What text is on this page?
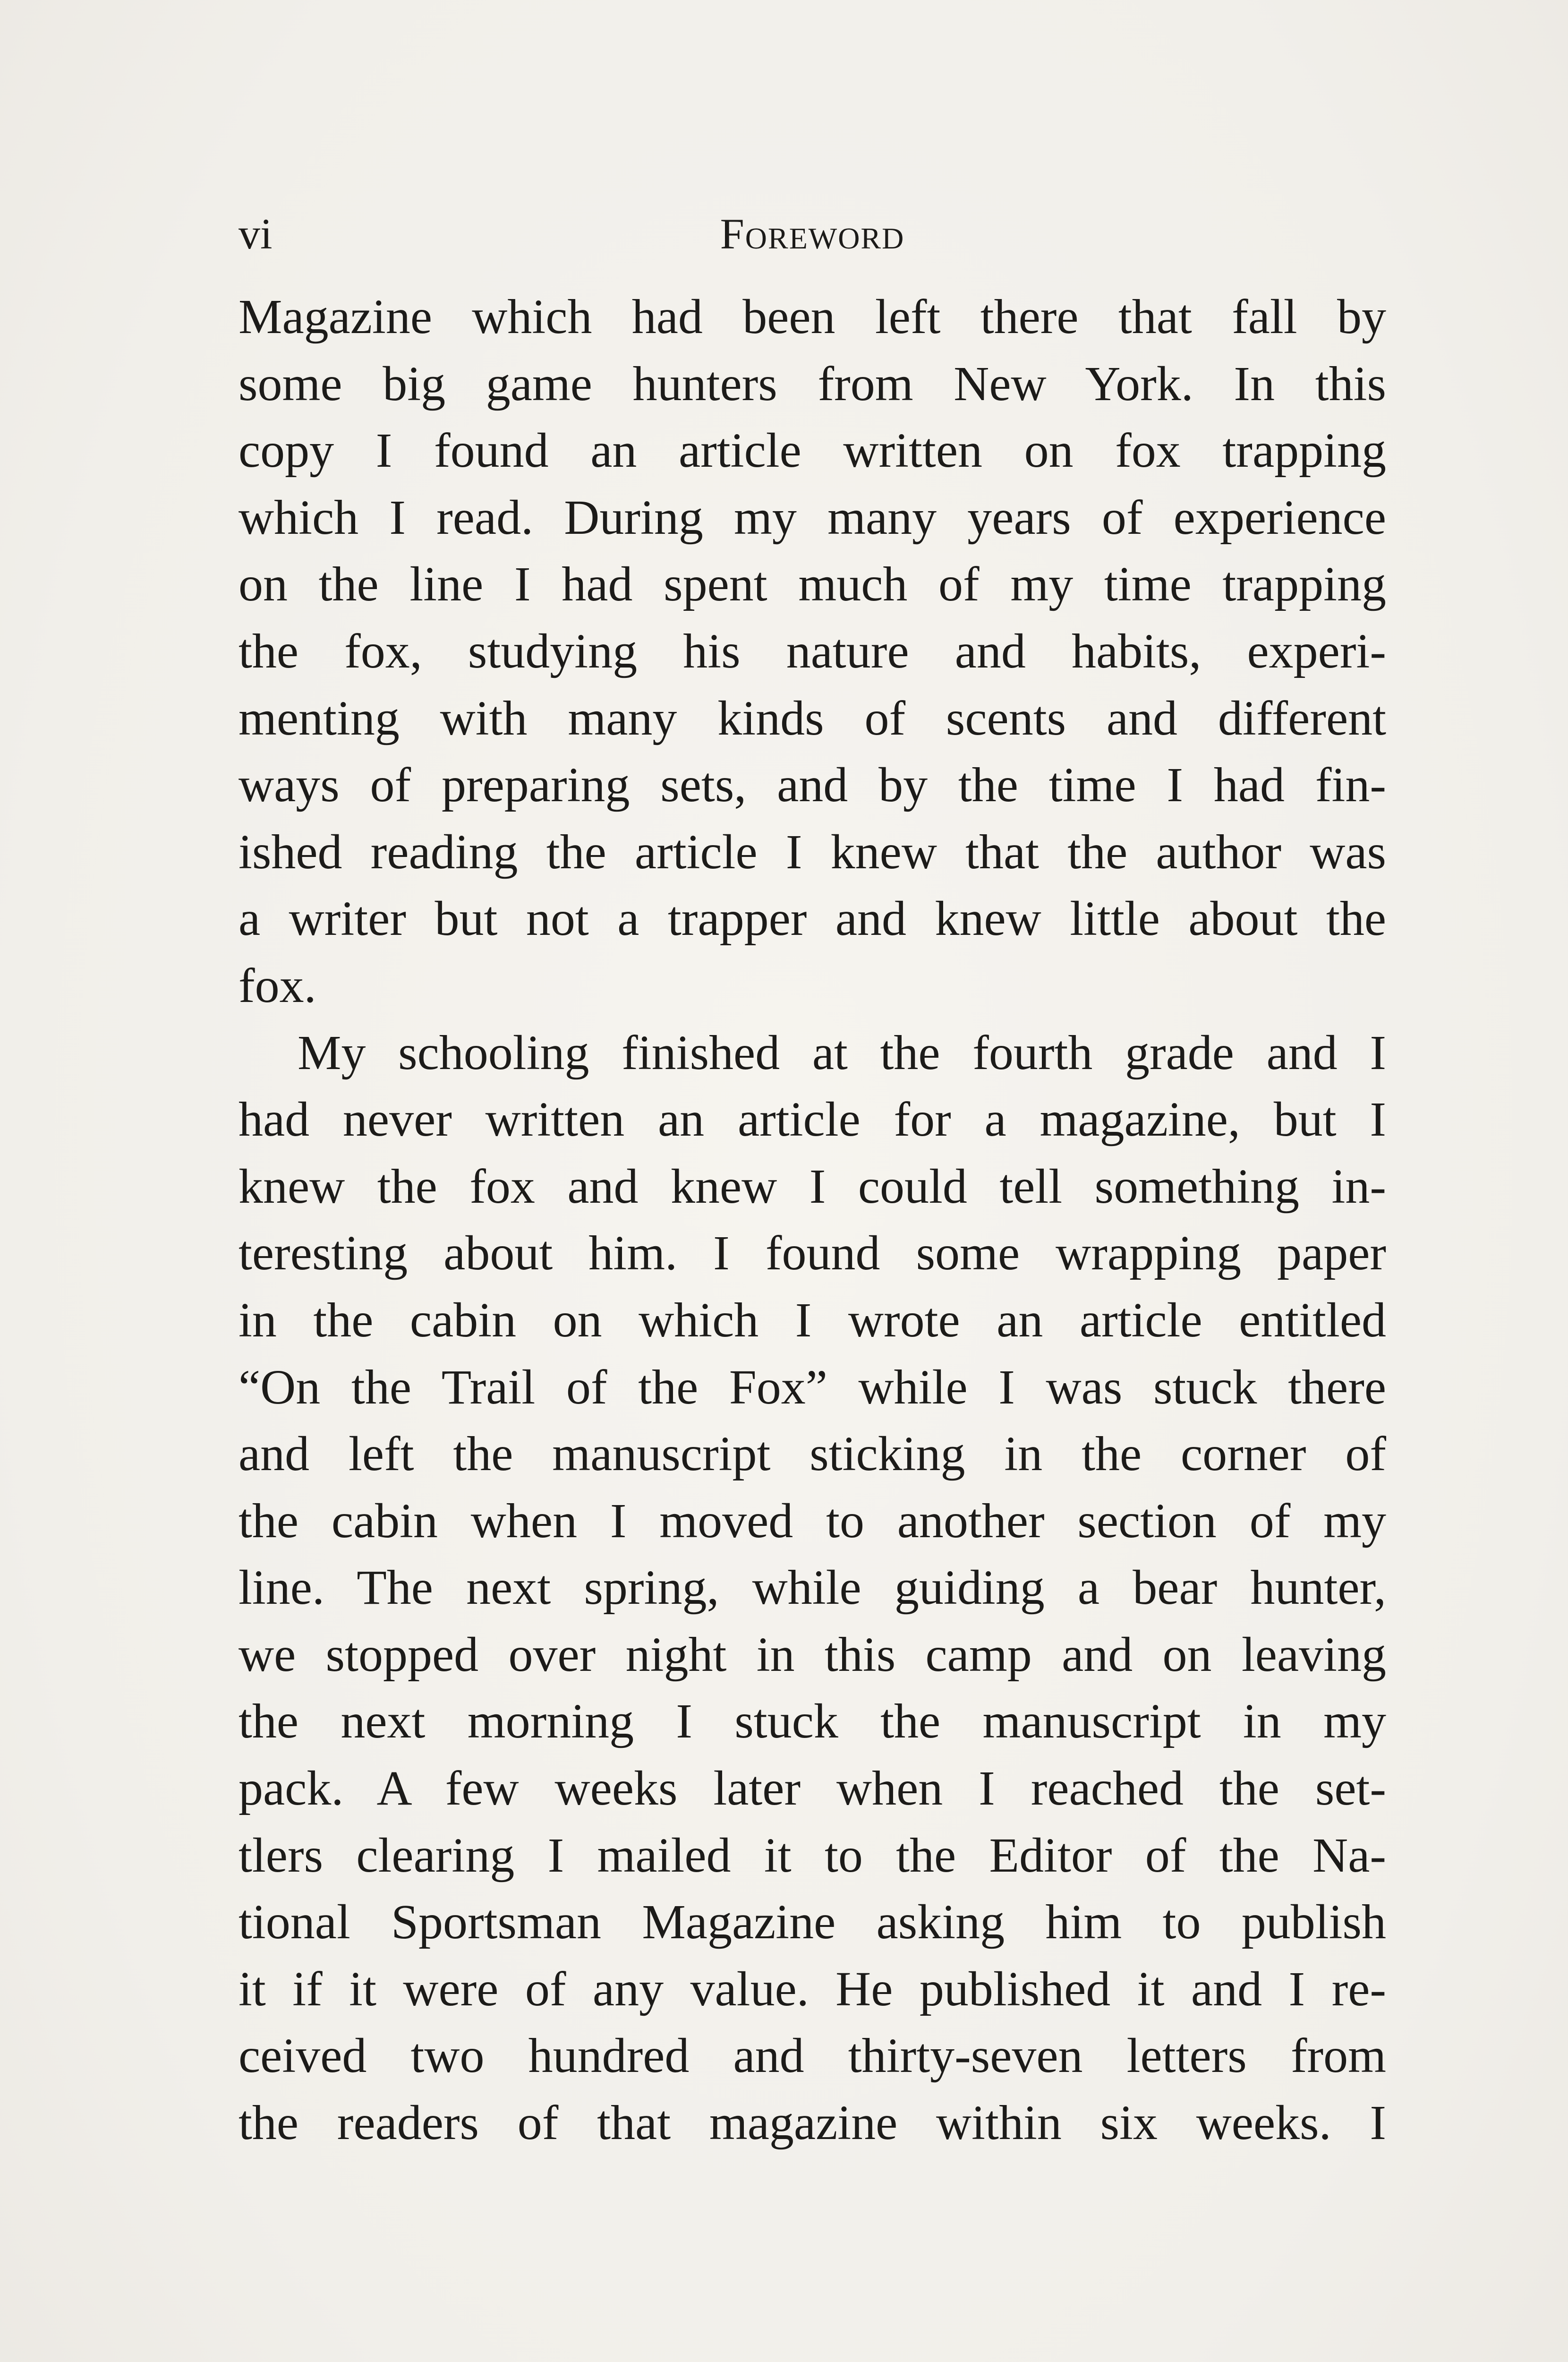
vi	Foreword
Magazine which had been left there that fall by
some big game hunters from New York. In this
copy I found an article written on fox trapping
which I read. During my many years of experience
on the line I had spent much of my time trapping
the fox, studying his nature and habits, experi-
menting with many kinds of scents and different
ways of preparing sets, and by the time I had fin-
ished reading the article I knew that the author was
a writer but not a trapper and knew little about the
fox.
My schooling finished at the fourth grade and I
had never written an article for a magazine, but I
knew the fox and knew I could tell something in-
teresting about him. I found some wrapping paper
in the cabin on which I wrote an article entitled
“On the Trail of the Fox” while I was stuck there
and left the manuscript sticking in the corner of
the cabin when I moved to another section of my
line. The next spring, while guiding a bear hunter,
we stopped over night in this camp and on leaving
the next morning I stuck the manuscript in my
pack. A few weeks later when I reached the set-
tlers clearing I mailed it to the Editor of the Na-
tional Sportsman Magazine asking him to publish
it if it were of any value. He published it and I re-
ceived two hundred and thirty-seven letters from
the readers of that magazine within six weeks. I
